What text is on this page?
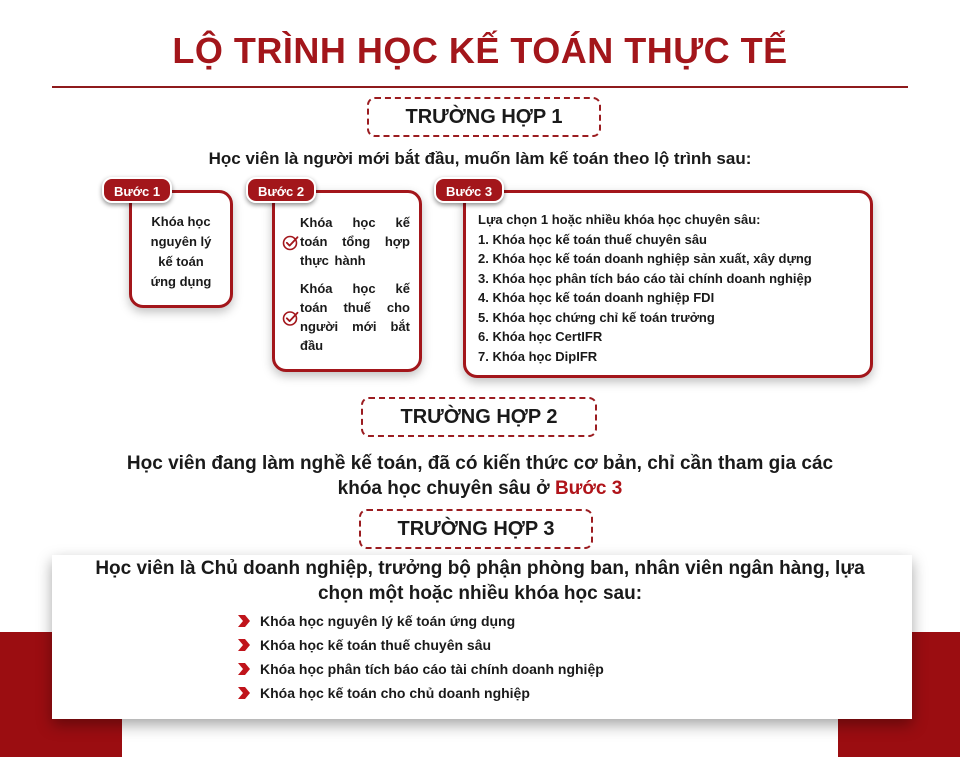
LỘ TRÌNH HỌC KẾ TOÁN THỰC TẾ
TRƯỜNG HỢP 1
Học viên là người mới bắt đầu, muốn làm kế toán theo lộ trình sau:
Bước 1
Khóa học
nguyên lý
kế toán
ứng dụng
Bước 2
Khóa học kế toán tổng hợp thực hành
Khóa học kế toán thuế cho người mới bắt đầu
Bước 3
Lựa chọn 1 hoặc nhiều khóa học chuyên sâu:
1. Khóa học kế toán thuế chuyên sâu
2. Khóa học kế toán doanh nghiệp sản xuất, xây dựng
3. Khóa học phân tích báo cáo tài chính doanh nghiệp
4. Khóa học kế toán doanh nghiệp FDI
5. Khóa học chứng chỉ kế toán trưởng
6. Khóa học CertIFR
7. Khóa học DipIFR
TRƯỜNG HỢP 2
Học viên đang làm nghề kế toán, đã có kiến thức cơ bản, chỉ cần tham gia các
khóa học chuyên sâu ở Bước 3
TRƯỜNG HỢP 3
Học viên là Chủ doanh nghiệp, trưởng bộ phận phòng ban, nhân viên ngân hàng, lựa
chọn một hoặc nhiều khóa học sau:
Khóa học nguyên lý kế toán ứng dụng
Khóa học kế toán thuế chuyên sâu
Khóa học phân tích báo cáo tài chính doanh nghiệp
Khóa học kế toán cho chủ doanh nghiệp
